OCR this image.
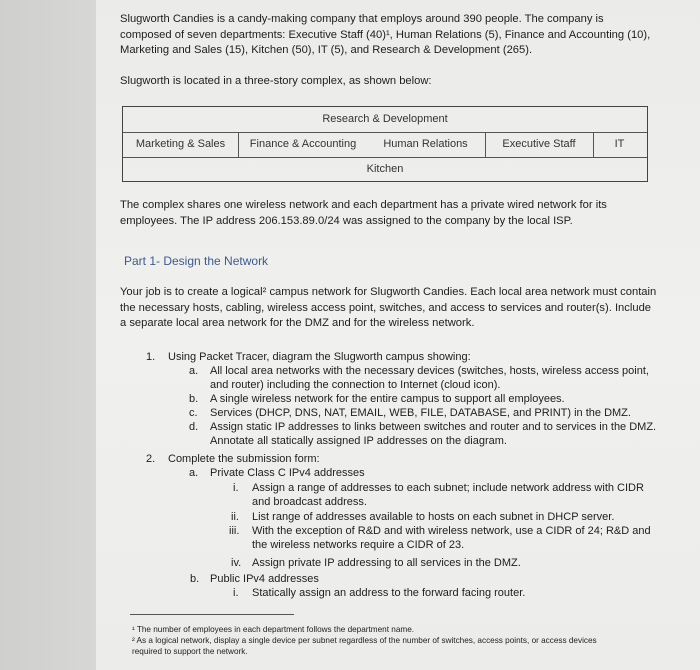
Slugworth Candies is a candy-making company that employs around 390 people. The company is composed of seven departments: Executive Staff (40)¹, Human Relations (5), Finance and Accounting (10), Marketing and Sales (15), Kitchen (50), IT (5), and Research & Development (265).

Slugworth is located in a three-story complex, as shown below:

Research & Development
Marketing & Sales	Finance & Accounting	Human Relations	Executive Staff	IT
Kitchen

The complex shares one wireless network and each department has a private wired network for its employees. The IP address 206.153.89.0/24 was assigned to the company by the local ISP.

Part 1- Design the Network

Your job is to create a logical² campus network for Slugworth Candies. Each local area network must contain the necessary hosts, cabling, wireless access point, switches, and access to services and router(s). Include a separate local area network for the DMZ and for the wireless network.

1. Using Packet Tracer, diagram the Slugworth campus showing:
a. All local area networks with the necessary devices (switches, hosts, wireless access point,
and router) including the connection to Internet (cloud icon).
b. A single wireless network for the entire campus to support all employees.
c. Services (DHCP, DNS, NAT, EMAIL, WEB, FILE, DATABASE, and PRINT) in the DMZ.
d. Assign static IP addresses to links between switches and router and to services in the DMZ.
Annotate all statically assigned IP addresses on the diagram.
2. Complete the submission form:
a. Private Class C IPv4 addresses
i. Assign a range of addresses to each subnet; include network address with CIDR
and broadcast address.
ii. List range of addresses available to hosts on each subnet in DHCP server.
iii. With the exception of R&D and with wireless network, use a CIDR of 24; R&D and
the wireless networks require a CIDR of 23.
iv. Assign private IP addressing to all services in the DMZ.
b. Public IPv4 addresses
i. Statically assign an address to the forward facing router.
¹ The number of employees in each department follows the department name.
² As a logical network, display a single device per subnet regardless of the number of switches, access points, or access devices
required to support the network.
